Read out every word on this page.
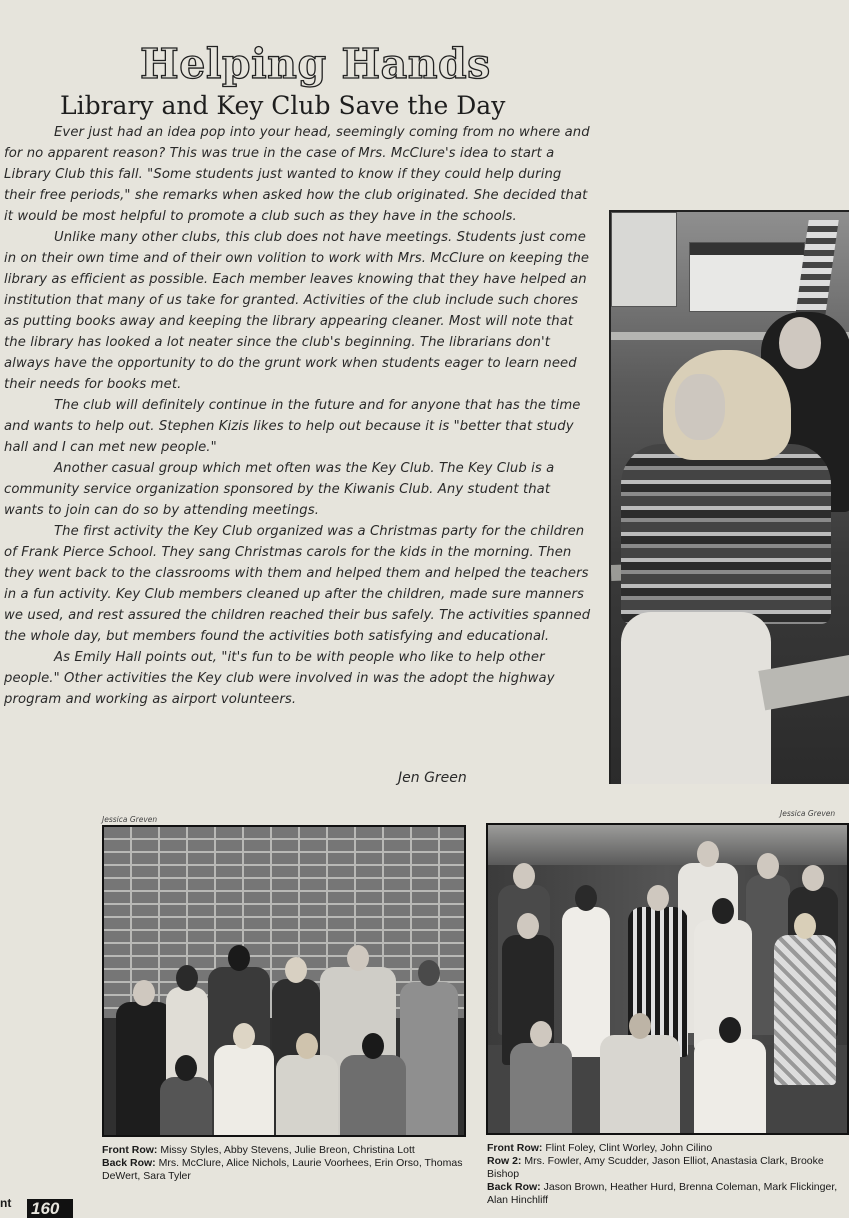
Helping Hands
Library and Key Club Save the Day

Ever just had an idea pop into your head, seemingly coming from no where and for no apparent reason? This was true in the case of Mrs. McClure's idea to start a Library Club this fall. "Some students just wanted to know if they could help during their free periods," she remarks when asked how the club originated. She decided that it would be most helpful to promote a club such as they have in the schools.

Unlike many other clubs, this club does not have meetings. Students just come in on their own time and of their own volition to work with Mrs. McClure on keeping the library as efficient as possible. Each member leaves knowing that they have helped an institution that many of us take for granted. Activities of the club include such chores as putting books away and keeping the library appearing cleaner. Most will note that the library has looked a lot neater since the club's beginning. The librarians don't always have the opportunity to do the grunt work when students eager to learn need their needs for books met.

The club will definitely continue in the future and for anyone that has the time and wants to help out. Stephen Kizis likes to help out because it is "better that study hall and I can met new people."

Another casual group which met often was the Key Club. The Key Club is a community service organization sponsored by the Kiwanis Club. Any student that wants to join can do so by attending meetings.

The first activity the Key Club organized was a Christmas party for the children of Frank Pierce School. They sang Christmas carols for the kids in the morning. Then they went back to the classrooms with them and helped them and helped the teachers in a fun activity. Key Club members cleaned up after the children, made sure manners we used, and rest assured the children reached their bus safely. The activities spanned the whole day, but members found the activities both satisfying and educational.

As Emily Hall points out, "it's fun to be with people who like to help other people." Other activities the Key club were involved in was the adopt the highway program and working as airport volunteers.

Jen Green
Jessica Greven
Jessica Greven
Front Row: Missy Styles, Abby Stevens, Julie Breon, Christina Lott
Back Row: Mrs. McClure, Alice Nichols, Laurie Voorhees, Erin Orso, Thomas DeWert, Sara Tyler
Front Row: Flint Foley, Clint Worley, John Cilino
Row 2: Mrs. Fowler, Amy Scudder, Jason Elliot, Anastasia Clark, Brooke Bishop
Back Row: Jason Brown, Heather Hurd, Brenna Coleman, Mark Flickinger, Alan Hinchliff
nt 160
